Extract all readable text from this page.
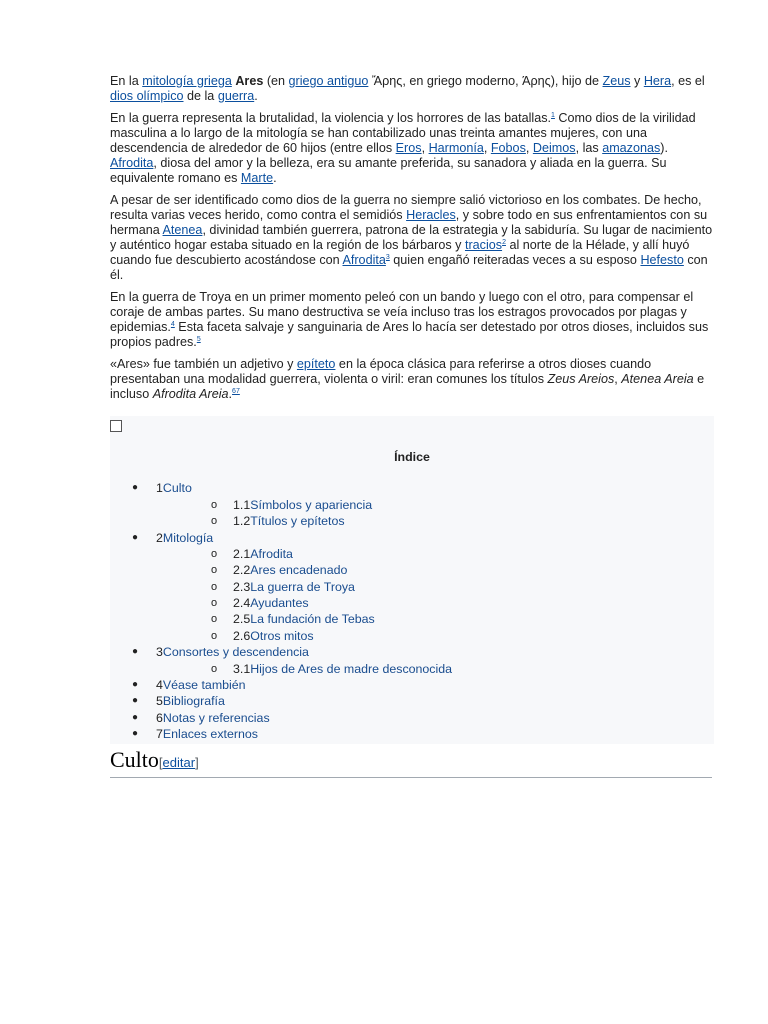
En la mitología griega Ares (en griego antiguo Ἄρης, en griego moderno, Άρης), hijo de Zeus y Hera, es el dios olímpico de la guerra.

En la guerra representa la brutalidad, la violencia y los horrores de las batallas.$^1$ Como dios de la virilidad masculina a lo largo de la mitología se han contabilizado unas treinta amantes mujeres, con una descendencia de alrededor de 60 hijos (entre ellos Eros, Harmonía, Fobos, Deimos, las amazonas). Afrodita, diosa del amor y la belleza, era su amante preferida, su sanadora y aliada en la guerra. Su equivalente romano es Marte.

A pesar de ser identificado como dios de la guerra no siempre salió victorioso en los combates. De hecho, resulta varias veces herido, como contra el semidiós Heracles, y sobre todo en sus enfrentamientos con su hermana Atenea, divinidad también guerrera, patrona de la estrategia y la sabiduría. Su lugar de nacimiento y auténtico hogar estaba situado en la región de los bárbaros y tracios$^2$ al norte de la Hélade, y allí huyó cuando fue descubierto acostándose con Afrodita$^3$ quien engañó reiteradas veces a su esposo Hefesto con él.

En la guerra de Troya en un primer momento peleó con un bando y luego con el otro, para compensar el coraje de ambas partes. Su mano destructiva se veía incluso tras los estragos provocados por plagas y epidemias.$^4$ Esta faceta salvaje y sanguinaria de Ares lo hacía ser detestado por otros dioses, incluidos sus propios padres.$^5$

«Ares» fue también un adjetivo y epíteto en la época clásica para referirse a otros dioses cuando presentaban una modalidad guerrera, violenta o viril: eran comunes los títulos Zeus Areios, Atenea Areia e incluso Afrodita Areia.$^{67}$

Índice
● 1Culto
o 1.1Símbolos y apariencia
o 1.2Títulos y epítetos
● 2Mitología
o 2.1Afrodita
o 2.2Ares encadenado
o 2.3La guerra de Troya
o 2.4Ayudantes
o 2.5La fundación de Tebas
o 2.6Otros mitos
● 3Consortes y descendencia
o 3.1Hijos de Ares de madre desconocida
● 4Véase también
● 5Bibliografía
● 6Notas y referencias
● 7Enlaces externos
Culto[editar]
